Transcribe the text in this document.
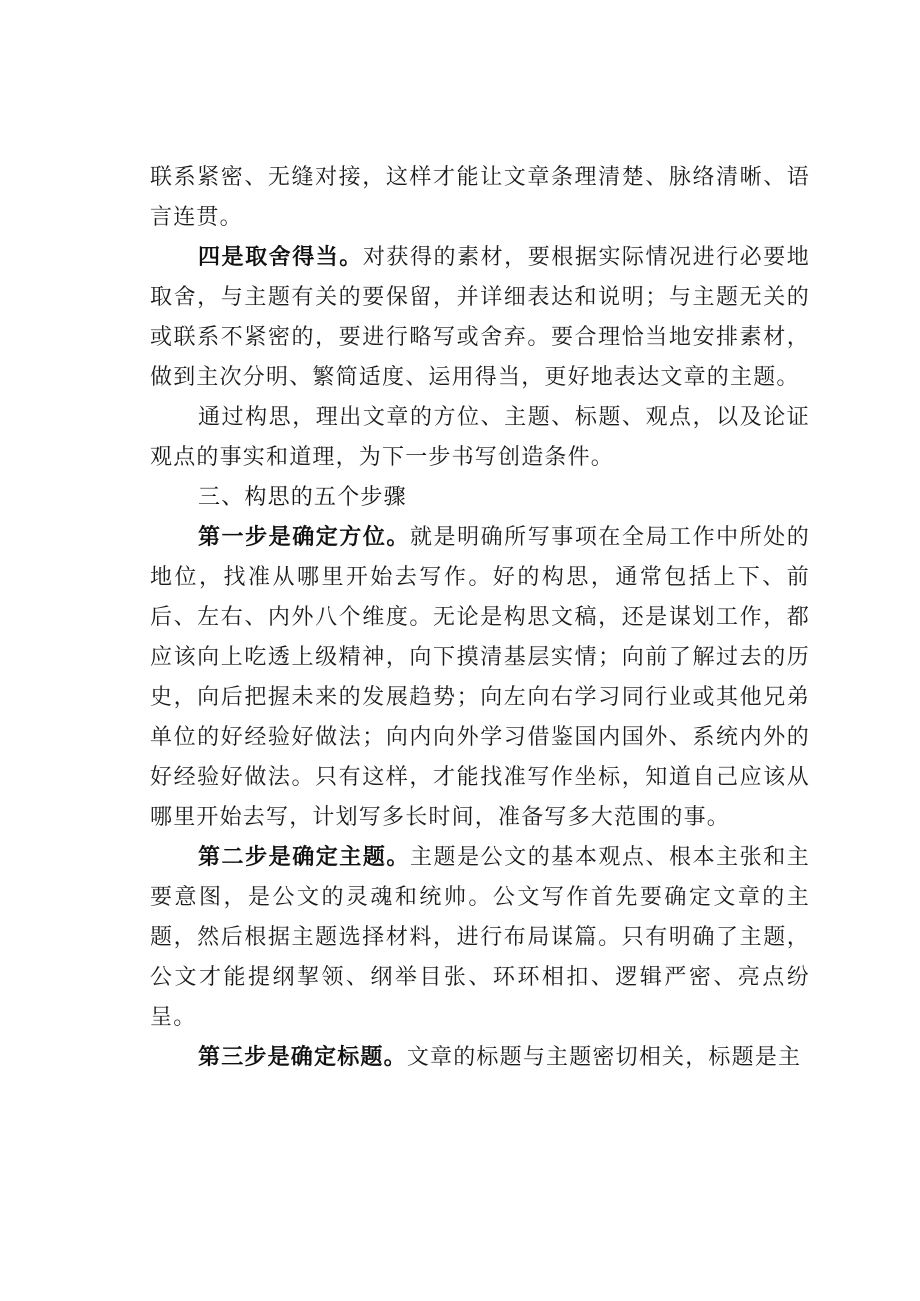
联系紧密、无缝对接，这样才能让文章条理清楚、脉络清晰、语言连贯。

四是取舍得当。对获得的素材，要根据实际情况进行必要地取舍，与主题有关的要保留，并详细表达和说明；与主题无关的或联系不紧密的，要进行略写或舍弃。要合理恰当地安排素材，做到主次分明、繁简适度、运用得当，更好地表达文章的主题。

通过构思，理出文章的方位、主题、标题、观点，以及论证观点的事实和道理，为下一步书写创造条件。

三、构思的五个步骤

第一步是确定方位。就是明确所写事项在全局工作中所处的地位，找准从哪里开始去写作。好的构思，通常包括上下、前后、左右、内外八个维度。无论是构思文稿，还是谋划工作，都应该向上吃透上级精神，向下摸清基层实情；向前了解过去的历史，向后把握未来的发展趋势；向左向右学习同行业或其他兄弟单位的好经验好做法；向内向外学习借鉴国内国外、系统内外的好经验好做法。只有这样，才能找准写作坐标，知道自己应该从哪里开始去写，计划写多长时间，准备写多大范围的事。

第二步是确定主题。主题是公文的基本观点、根本主张和主要意图，是公文的灵魂和统帅。公文写作首先要确定文章的主题，然后根据主题选择材料，进行布局谋篇。只有明确了主题，公文才能提纲挈领、纲举目张、环环相扣、逻辑严密、亮点纷呈。

第三步是确定标题。文章的标题与主题密切相关，标题是主
